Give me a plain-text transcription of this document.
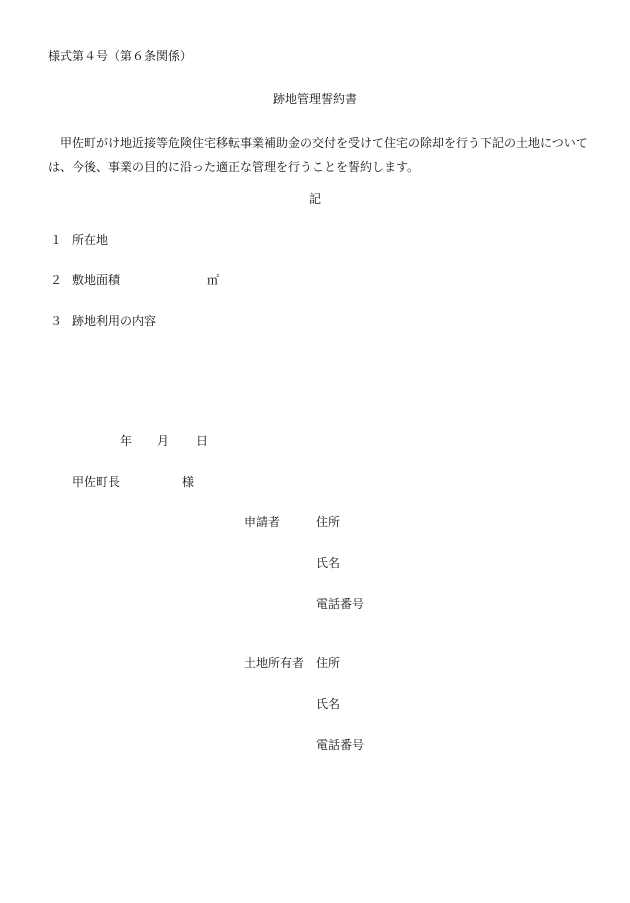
様式第４号（第６条関係）
跡地管理誓約書
甲佐町がけ地近接等危険住宅移転事業補助金の交付を受けて住宅の除却を行う下記の土地については、今後、事業の目的に沿った適正な管理を行うことを誓約します。
記
１ 所在地
２ 敷地面積	㎡
３ 跡地利用の内容
年 月 日
甲佐町長	様
申請者	住所
氏名
電話番号
土地所有者 住所
氏名
電話番号
